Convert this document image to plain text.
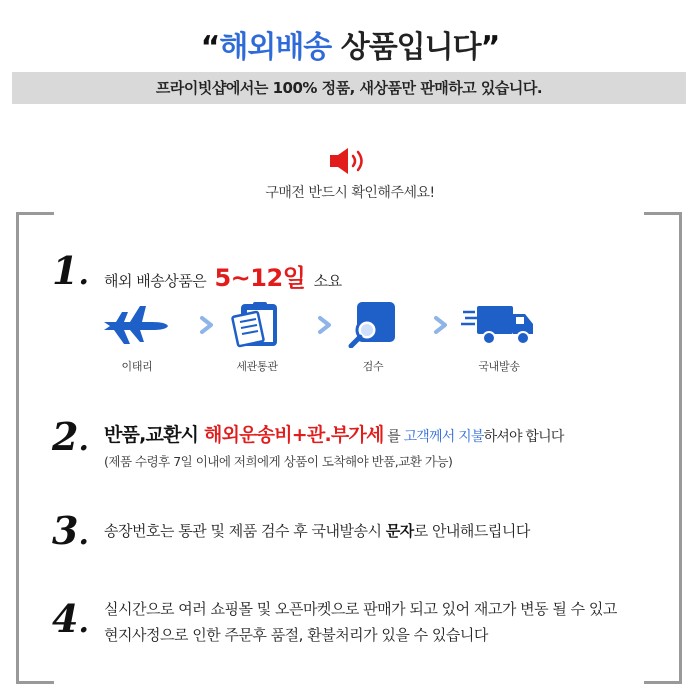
“해외배송 상품입니다”
프라이빗샵에서는 100% 정품, 새상품만 판매하고 있습니다.
구매전 반드시 확인해주세요!
1. 해외 배송상품은 5~12일 소요
이태리	세관통관	검수	국내발송
2. 반품,교환시 해외운송비+관.부가세 를 고객께서 지불하셔야 합니다
(제품 수령후 7일 이내에 저희에게 상품이 도착해야 반품,교환 가능)
3. 송장번호는 통관 및 제품 검수 후 국내발송시 문자로 안내해드립니다
4. 실시간으로 여러 쇼핑몰 및 오픈마켓으로 판매가 되고 있어 재고가 변동 될 수 있고
현지사정으로 인한 주문후 품절, 환불처리가 있을 수 있습니다
